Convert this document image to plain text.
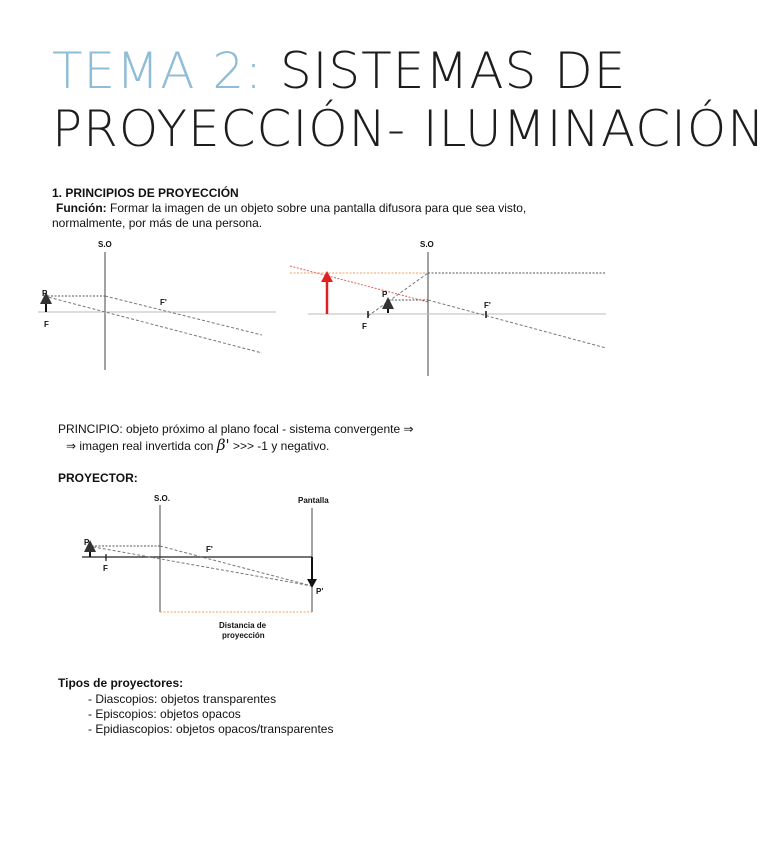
TEMA 2: SISTEMAS DE
PROYECCIÓN- ILUMINACIÓN
1. PRINCIPIOS DE PROYECCIÓN
Función: Formar la imagen de un objeto sobre una pantalla difusora para que sea visto,
normalmente, por más de una persona.
S.O
P
F
F'
S.O
P
F
F'
S.O.	Pantalla
P
F
F'
P'
Distancia de
proyección
PRINCIPIO: objeto próximo al plano focal - sistema convergente ⇒
⇒ imagen real invertida con β' >>> -1 y negativo.
PROYECTOR:
Tipos de proyectores:
- Diascopios: objetos transparentes
- Episcopios: objetos opacos
- Epidiascopios: objetos opacos/transparentes
